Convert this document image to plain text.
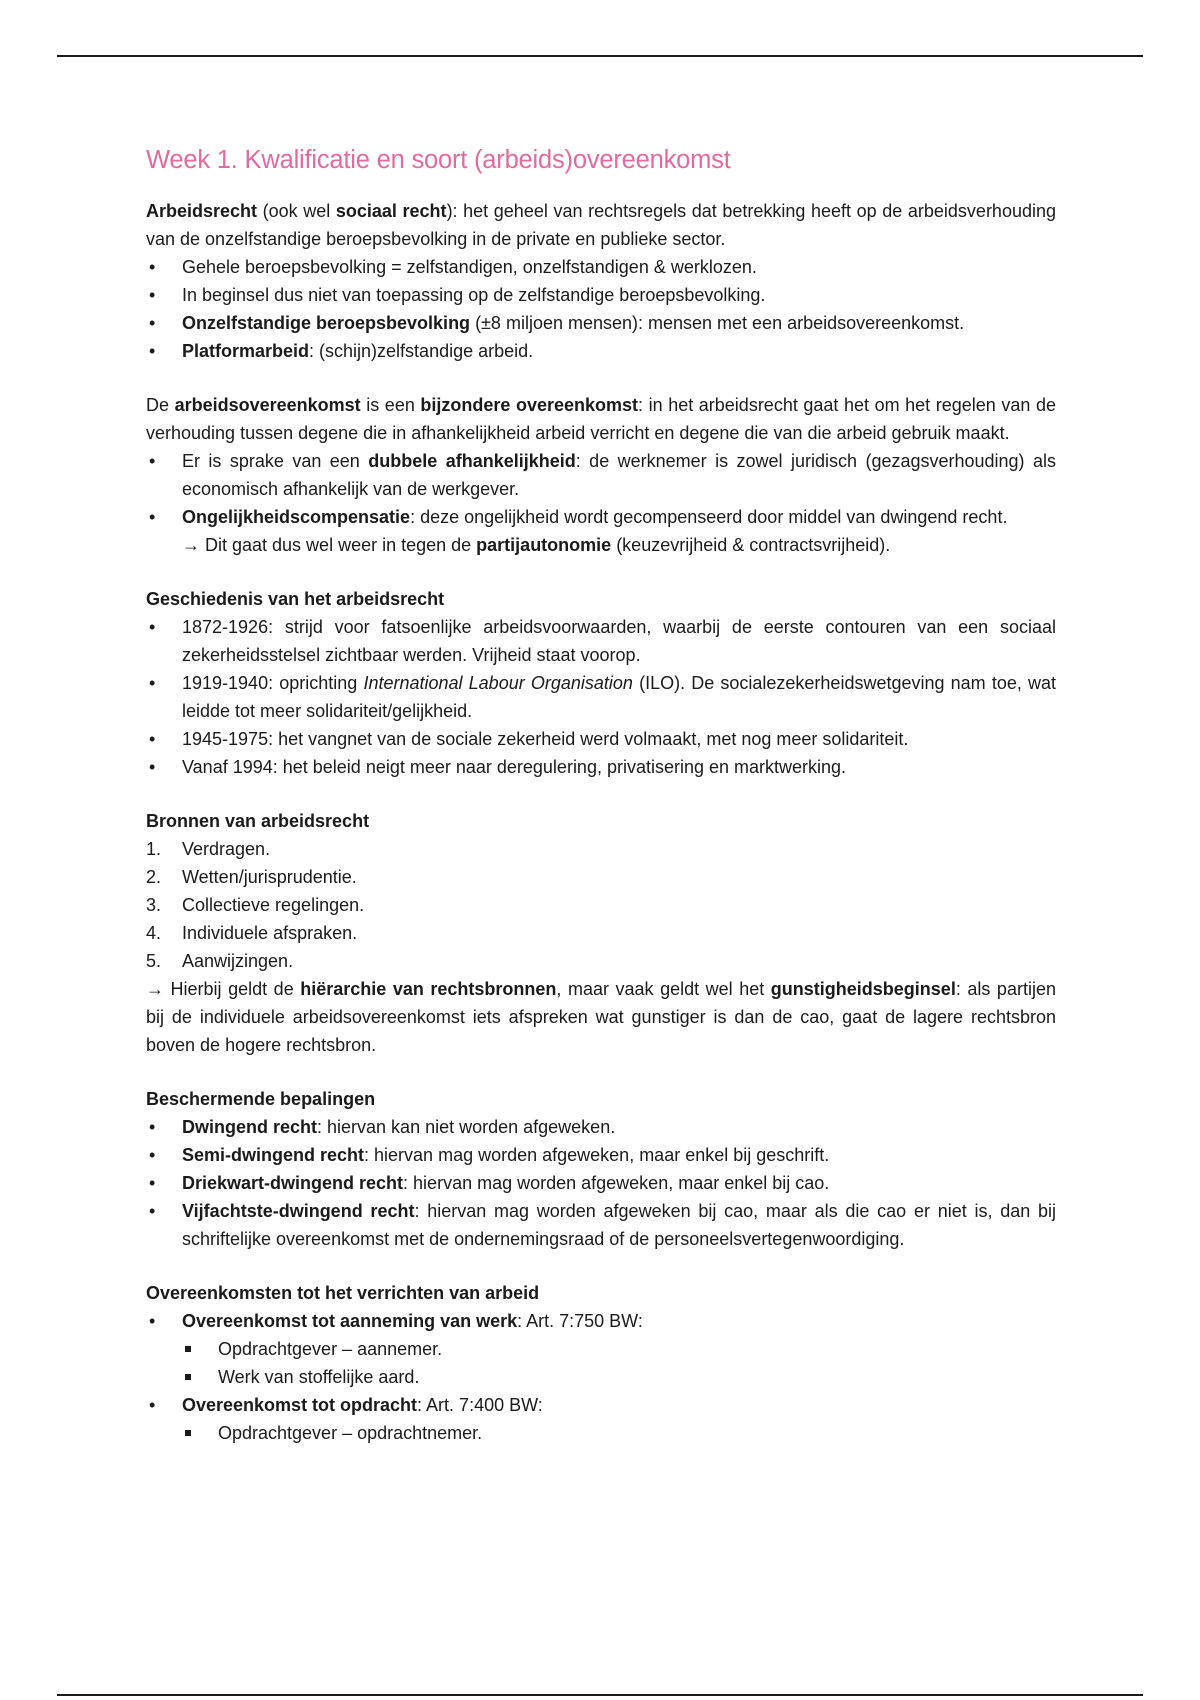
Week 1. Kwalificatie en soort (arbeids)overeenkomst

Arbeidsrecht (ook wel sociaal recht): het geheel van rechtsregels dat betrekking heeft op de arbeidsverhouding van de onzelfstandige beroepsbevolking in de private en publieke sector.

• Gehele beroepsbevolking = zelfstandigen, onzelfstandigen & werklozen.
• In beginsel dus niet van toepassing op de zelfstandige beroepsbevolking.
• Onzelfstandige beroepsbevolking (±8 miljoen mensen): mensen met een arbeidsovereenkomst.
• Platformarbeid: (schijn)zelfstandige arbeid.

De arbeidsovereenkomst is een bijzondere overeenkomst: in het arbeidsrecht gaat het om het regelen van de verhouding tussen degene die in afhankelijkheid arbeid verricht en degene die van die arbeid gebruik maakt.

• Er is sprake van een dubbele afhankelijkheid: de werknemer is zowel juridisch (gezagsverhouding) als economisch afhankelijk van de werkgever.
• Ongelijkheidscompensatie: deze ongelijkheid wordt gecompenseerd door middel van dwingend recht.
→ Dit gaat dus wel weer in tegen de partijautonomie (keuzevrijheid & contractsvrijheid).
Geschiedenis van het arbeidsrecht
• 1872-1926: strijd voor fatsoenlijke arbeidsvoorwaarden, waarbij de eerste contouren van een sociaal zekerheidsstelsel zichtbaar werden. Vrijheid staat voorop.
• 1919-1940: oprichting International Labour Organisation (ILO). De socialezekerheidswetgeving nam toe, wat leidde tot meer solidariteit/gelijkheid.
• 1945-1975: het vangnet van de sociale zekerheid werd volmaakt, met nog meer solidariteit.
• Vanaf 1994: het beleid neigt meer naar deregulering, privatisering en marktwerking.
Bronnen van arbeidsrecht
1. Verdragen.
2. Wetten/jurisprudentie.
3. Collectieve regelingen.
4. Individuele afspraken.
5. Aanwijzingen.

→ Hierbij geldt de hiërarchie van rechtsbronnen, maar vaak geldt wel het gunstigheidsbeginsel: als partijen bij de individuele arbeidsovereenkomst iets afspreken wat gunstiger is dan de cao, gaat de lagere rechtsbron boven de hogere rechtsbron.

Beschermende bepalingen
• Dwingend recht: hiervan kan niet worden afgeweken.
• Semi-dwingend recht: hiervan mag worden afgeweken, maar enkel bij geschrift.
• Driekwart-dwingend recht: hiervan mag worden afgeweken, maar enkel bij cao.
• Vijfachtste-dwingend recht: hiervan mag worden afgeweken bij cao, maar als die cao er niet is, dan bij schriftelijke overeenkomst met de ondernemingsraad of de personeelsvertegenwoordiging.
Overeenkomsten tot het verrichten van arbeid
• Overeenkomst tot aanneming van werk: Art. 7:750 BW:
Opdrachtgever – aannemer.
Werk van stoffelijke aard.
• Overeenkomst tot opdracht: Art. 7:400 BW:
Opdrachtgever – opdrachtnemer.
